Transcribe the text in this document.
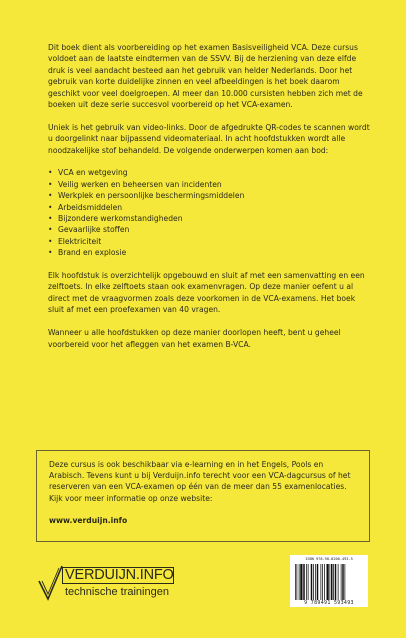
Dit boek dient als voorbereiding op het examen Basisveiligheid VCA. Deze cursus voldoet aan de laatste eindtermen van de SSVV. Bij de herziening van deze elfde druk is veel aandacht besteed aan het gebruik van helder Nederlands. Door het gebruik van korte duidelijke zinnen en veel afbeeldingen is het boek daarom geschikt voor veel doelgroepen. Al meer dan 10.000 cursisten hebben zich met de boeken uit deze serie succesvol voorbereid op het VCA-examen.

Uniek is het gebruik van video-links. Door de afgedrukte QR-codes te scannen wordt u doorgelinkt naar bijpassend videomateriaal. In acht hoofdstukken wordt alle noodzakelijke stof behandeld. De volgende onderwerpen komen aan bod:

• VCA en wetgeving
• Veilig werken en beheersen van incidenten
• Werkplek en persoonlijke beschermingsmiddelen
• Arbeidsmiddelen
• Bijzondere werkomstandigheden
• Gevaarlijke stoffen
• Elektriciteit
• Brand en explosie

Elk hoofdstuk is overzichtelijk opgebouwd en sluit af met een samenvatting en een zelftoets. In elke zelftoets staan ook examenvragen. Op deze manier oefent u al direct met de vraagvormen zoals deze voorkomen in de VCA-examens. Het boek sluit af met een proefexamen van 40 vragen.

Wanneer u alle hoofdstukken op deze manier doorlopen heeft, bent u geheel voorbereid voor het afleggen van het examen B-VCA.

Deze cursus is ook beschikbaar via e-learning en in het Engels, Pools en Arabisch. Tevens kunt u bij Verduijn.info terecht voor een VCA-dagcursus of het reserveren van een VCA-examen op één van de meer dan 55 examenlocaties. Kijk voor meer informatie op onze website:

www.verduijn.info

VERDUIJN.INFO
technische trainingen
ISBN 978-90-8200-493-5
9 789491 593493
